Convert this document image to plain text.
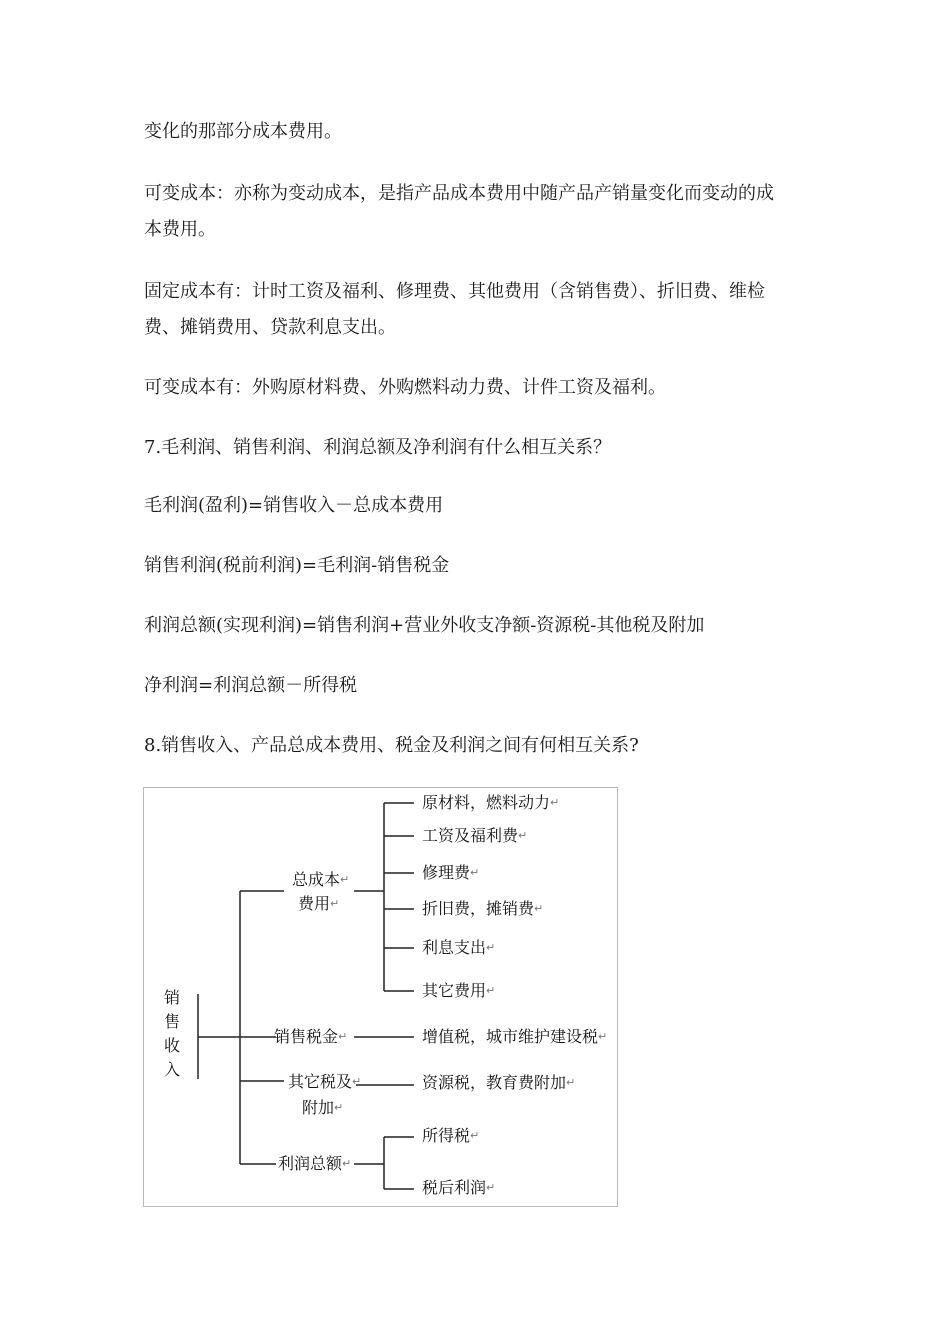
变化的那部分成本费用。
可变成本：亦称为变动成本，是指产品成本费用中随产品产销量变化而变动的成
本费用。
固定成本有：计时工资及福利、修理费、其他费用（含销售费）、折旧费、维检
费、摊销费用、贷款利息支出。
可变成本有：外购原材料费、外购燃料动力费、计件工资及福利。
7.毛利润、销售利润、利润总额及净利润有什么相互关系？
毛利润(盈利)=销售收入－总成本费用
销售利润(税前利润)=毛利润-销售税金
利润总额(实现利润)=销售利润+营业外收支净额-资源税-其他税及附加
净利润=利润总额－所得税
8.销售收入、产品总成本费用、税金及利润之间有何相互关系?
销售收入
总成本 ↵
费用 ↵
销售税金 ↵
其它税及 ↵
附加 ↵
利润总额 ↵
原材料，燃料动力 ↵
工资及福利费 ↵
修理费 ↵
折旧费，摊销费 ↵
利息支出 ↵
其它费用 ↵
增值税，城市维护建设税 ↵
资源税，教育费附加 ↵
所得税 ↵
税后利润 ↵
